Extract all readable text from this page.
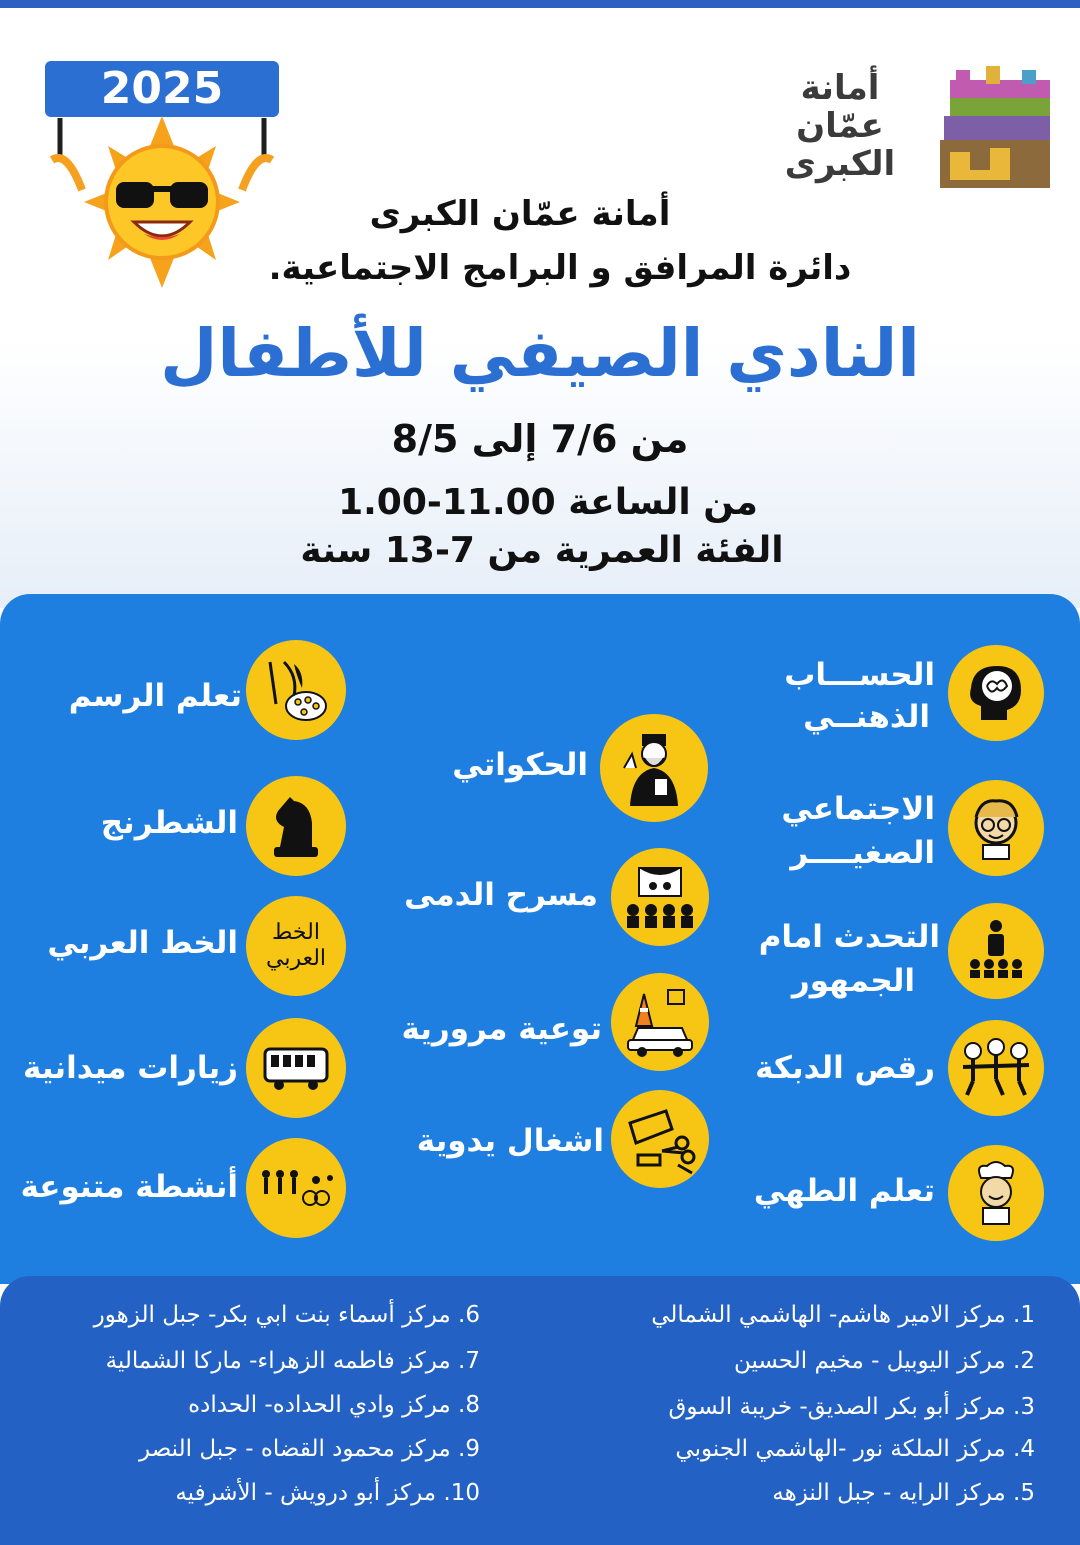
2025	أمانة
عمّان
الكبرى
أمانة عمّان الكبرى
دائرة المرافق و البرامج الاجتماعية.
النادي الصيفي للأطفال
من 7/6 إلى 8/5
من الساعة 11.00-1.00
الفئة العمرية من 7-13 سنة
الحســـاب
الذهنــي
الاجتماعي
الصغيــــر
التحدث امام
الجمهور
رقص الدبكة
تعلم الطهي
الحكواتي
مسرح الدمى
توعية مرورية
اشغال يدوية
تعلم الرسم
الشطرنج
الخط العربي
الخط العربي
زيارات ميدانية
أنشطة متنوعة
1. مركز الامير هاشم- الهاشمي الشمالي
2. مركز اليوبيل - مخيم الحسين
3. مركز أبو بكر الصديق- خريبة السوق
4. مركز الملكة نور -الهاشمي الجنوبي
5. مركز الرايه - جبل النزهه
6. مركز أسماء بنت ابي بكر- جبل الزهور
7. مركز فاطمه الزهراء- ماركا الشمالية
8. مركز وادي الحداده- الحداده
9. مركز محمود القضاه - جبل النصر
10. مركز أبو درويش - الأشرفيه
